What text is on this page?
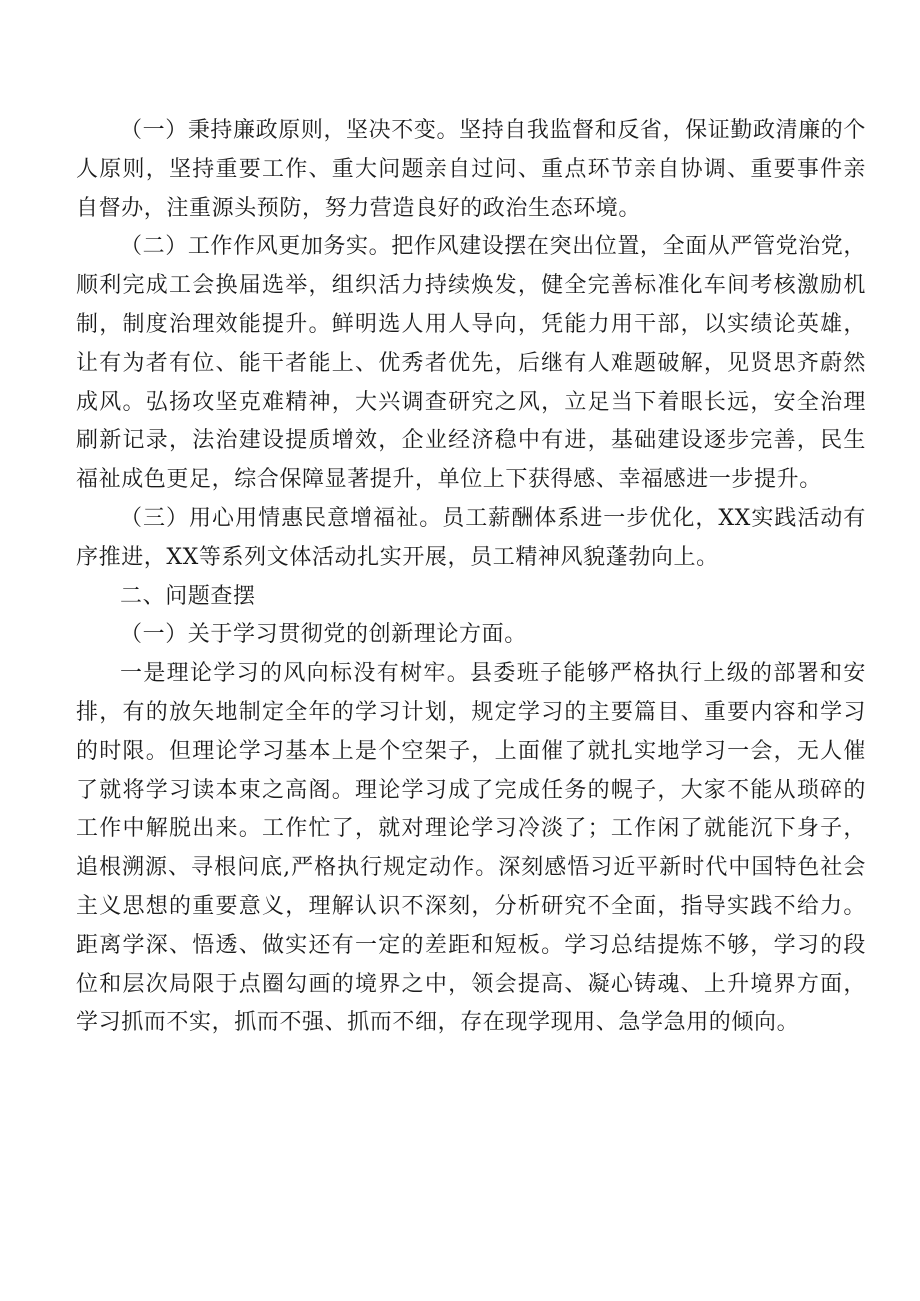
（一）秉持廉政原则，坚决不变。坚持自我监督和反省，保证勤政清廉的个人原则，坚持重要工作、重大问题亲自过问、重点环节亲自协调、重要事件亲自督办，注重源头预防，努力营造良好的政治生态环境。

（二）工作作风更加务实。把作风建设摆在突出位置，全面从严管党治党，顺利完成工会换届选举，组织活力持续焕发，健全完善标准化车间考核激励机制，制度治理效能提升。鲜明选人用人导向，凭能力用干部，以实绩论英雄，让有为者有位、能干者能上、优秀者优先，后继有人难题破解，见贤思齐蔚然成风。弘扬攻坚克难精神，大兴调查研究之风，立足当下着眼长远，安全治理刷新记录，法治建设提质增效，企业经济稳中有进，基础建设逐步完善，民生福祉成色更足，综合保障显著提升，单位上下获得感、幸福感进一步提升。

（三）用心用情惠民意增福祉。员工薪酬体系进一步优化，XX实践活动有序推进，XX等系列文体活动扎实开展，员工精神风貌蓬勃向上。

二、问题查摆

（一）关于学习贯彻党的创新理论方面。

一是理论学习的风向标没有树牢。县委班子能够严格执行上级的部署和安排，有的放矢地制定全年的学习计划，规定学习的主要篇目、重要内容和学习的时限。但理论学习基本上是个空架子，上面催了就扎实地学习一会，无人催了就将学习读本束之高阁。理论学习成了完成任务的幌子，大家不能从琐碎的工作中解脱出来。工作忙了，就对理论学习冷淡了；工作闲了就能沉下身子，追根溯源、寻根问底,严格执行规定动作。深刻感悟习近平新时代中国特色社会主义思想的重要意义，理解认识不深刻，分析研究不全面，指导实践不给力。距离学深、悟透、做实还有一定的差距和短板。学习总结提炼不够，学习的段位和层次局限于点圈勾画的境界之中，领会提高、凝心铸魂、上升境界方面，学习抓而不实，抓而不强、抓而不细，存在现学现用、急学急用的倾向。
